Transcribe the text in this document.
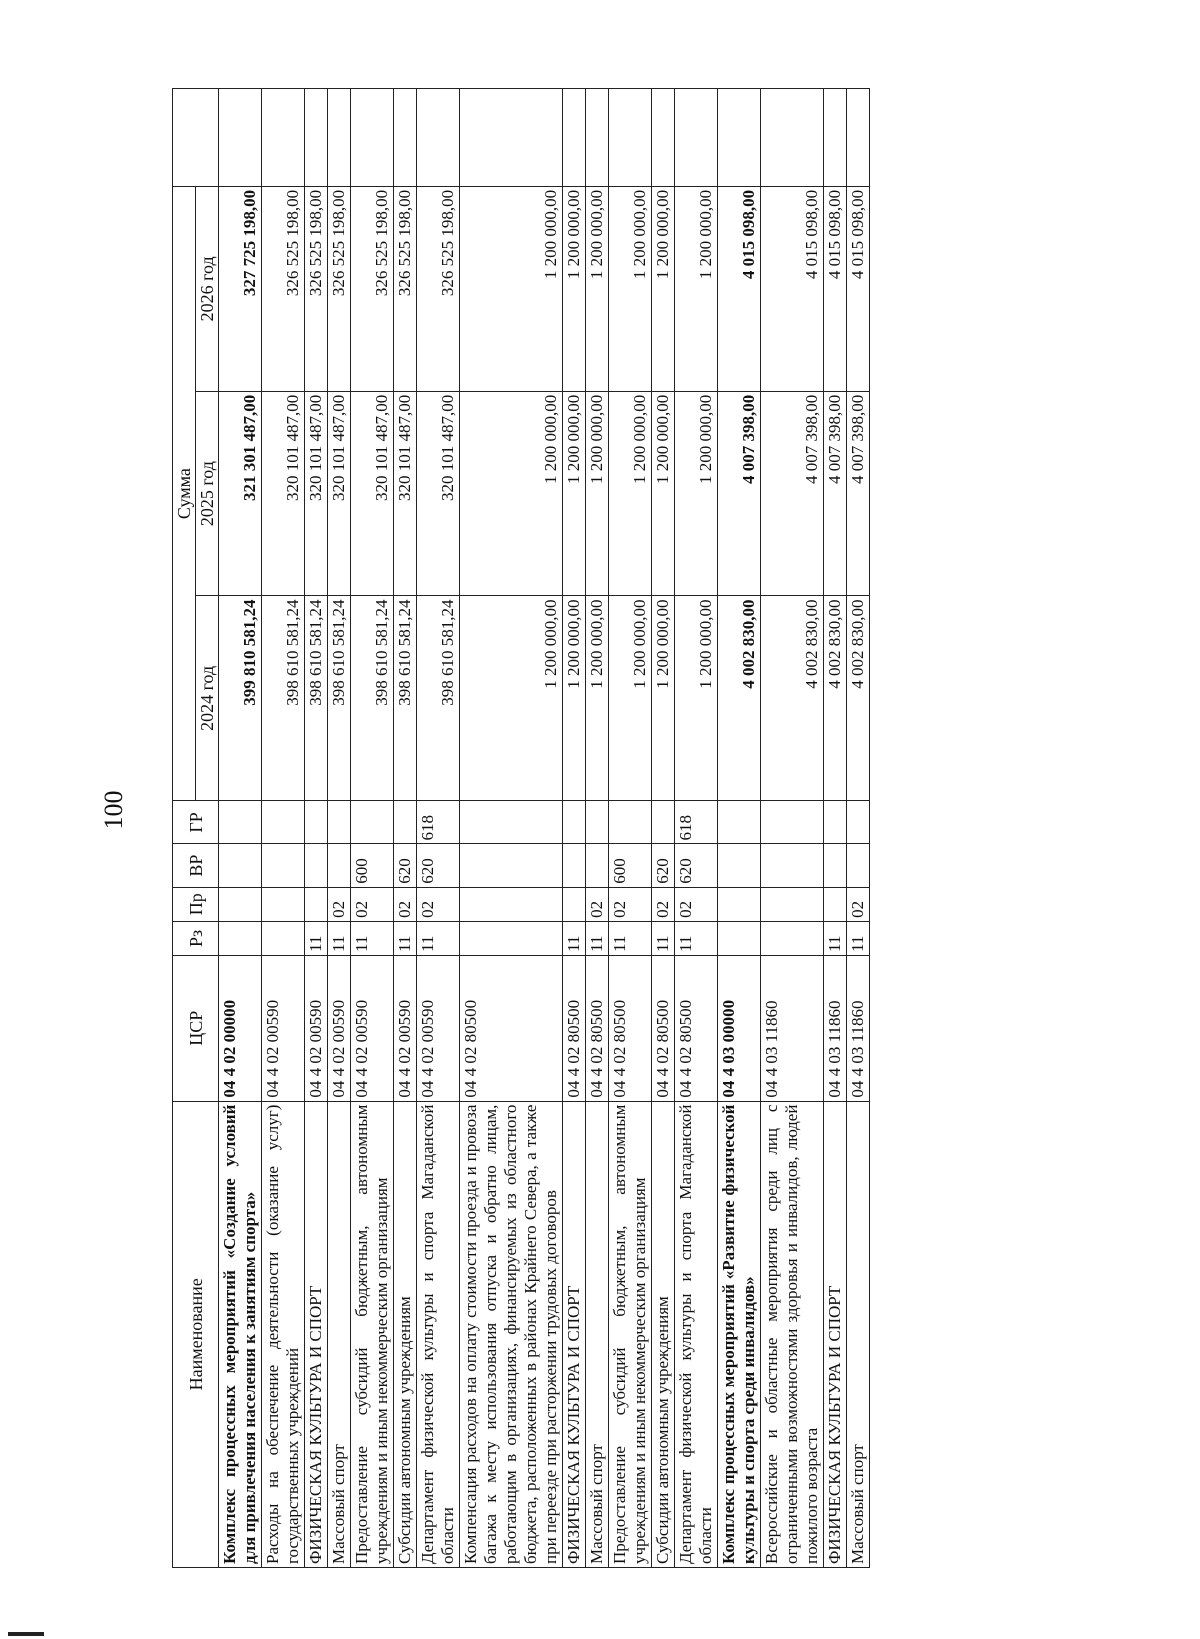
100
Наименование	ЦСР	Рз	Пр	ВР	ГР	Сумма			
						2024 год	2025 год	2026 год	
Комплекс процессных мероприятий «Создание условий для привлечения населения к занятиям спорта»	04 4 02 00000					399 810 581,24	321 301 487,00	327 725 198,00	
Расходы на обеспечение деятельности (оказание услуг) государственных учреждений	04 4 02 00590					398 610 581,24	320 101 487,00	326 525 198,00	
ФИЗИЧЕСКАЯ КУЛЬТУРА И СПОРТ	04 4 02 00590	11				398 610 581,24	320 101 487,00	326 525 198,00	
Массовый спорт	04 4 02 00590	11	02			398 610 581,24	320 101 487,00	326 525 198,00	
Предоставление субсидий бюджетным, автономным учреждениям и иным некоммерческим организациям	04 4 02 00590	11	02	600		398 610 581,24	320 101 487,00	326 525 198,00	
Субсидии автономным учреждениям	04 4 02 00590	11	02	620		398 610 581,24	320 101 487,00	326 525 198,00	
Департамент физической культуры и спорта Магаданской области	04 4 02 00590	11	02	620	618	398 610 581,24	320 101 487,00	326 525 198,00	
Компенсация расходов на оплату стоимости проезда и провоза багажа к месту использования отпуска и обратно лицам, работающим в организациях, финансируемых из областного бюджета, расположенных в районах Крайнего Севера, а также при переезде при расторжении трудовых договоров	04 4 02 80500					1 200 000,00	1 200 000,00	1 200 000,00	
ФИЗИЧЕСКАЯ КУЛЬТУРА И СПОРТ	04 4 02 80500	11				1 200 000,00	1 200 000,00	1 200 000,00	
Массовый спорт	04 4 02 80500	11	02			1 200 000,00	1 200 000,00	1 200 000,00	
Предоставление субсидий бюджетным, автономным учреждениям и иным некоммерческим организациям	04 4 02 80500	11	02	600		1 200 000,00	1 200 000,00	1 200 000,00	
Субсидии автономным учреждениям	04 4 02 80500	11	02	620		1 200 000,00	1 200 000,00	1 200 000,00	
Департамент физической культуры и спорта Магаданской области	04 4 02 80500	11	02	620	618	1 200 000,00	1 200 000,00	1 200 000,00	
Комплекс процессных мероприятий «Развитие физической культуры и спорта среди инвалидов»	04 4 03 00000					4 002 830,00	4 007 398,00	4 015 098,00	
Всероссийские и областные мероприятия среди лиц с ограниченными возможностями здоровья и инвалидов, людей пожилого возраста	04 4 03 11860					4 002 830,00	4 007 398,00	4 015 098,00	
ФИЗИЧЕСКАЯ КУЛЬТУРА И СПОРТ	04 4 03 11860	11				4 002 830,00	4 007 398,00	4 015 098,00	
Массовый спорт	04 4 03 11860	11	02			4 002 830,00	4 007 398,00	4 015 098,00	
